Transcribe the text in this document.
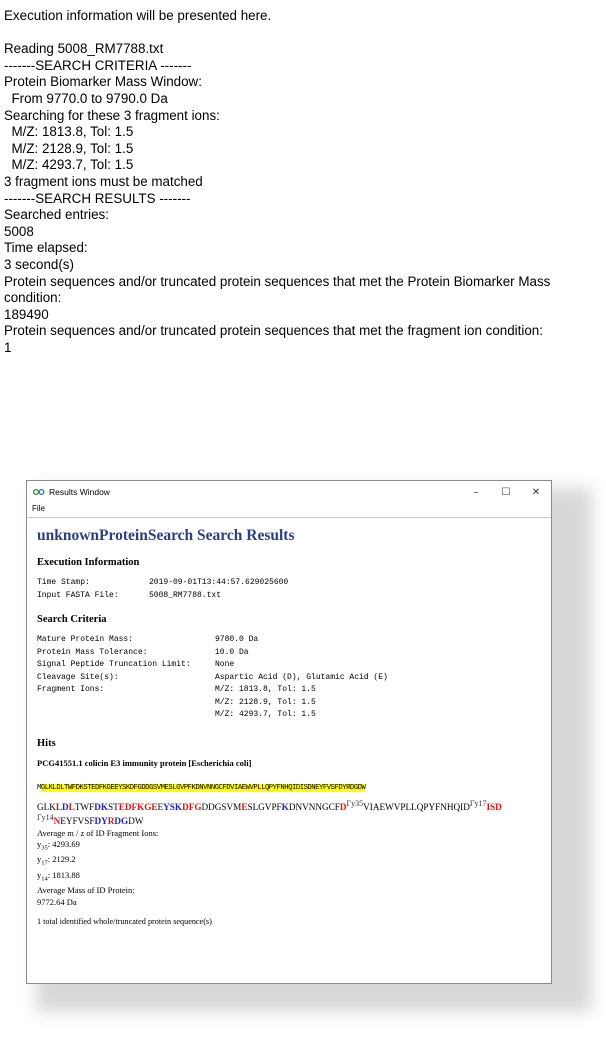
Execution information will be presented here.
Reading 5008_RM7788.txt
-------SEARCH CRITERIA -------
Protein Biomarker Mass Window:
From 9770.0 to 9790.0 Da
Searching for these 3 fragment ions:
M/Z: 1813.8, Tol: 1.5
M/Z: 2128.9, Tol: 1.5
M/Z: 4293.7, Tol: 1.5
3 fragment ions must be matched
-------SEARCH RESULTS -------
Searched entries:
5008
Time elapsed:
3 second(s)
Protein sequences and/or truncated protein sequences that met the Protein Biomarker Mass condition:
189490
Protein sequences and/or truncated protein sequences that met the fragment ion condition:
1
Results Window	–	☐	✕
File
unknownProteinSearch Search Results
Execution Information
Time Stamp:	2019-09-01T13:44:57.629025600
Input FASTA File:	5008_RM7788.txt
Search Criteria
Mature Protein Mass:	9780.0 Da
Protein Mass Tolerance:	10.0 Da
Signal Peptide Truncation Limit:	None
Cleavage Site(s):	Aspartic Acid (D), Glutamic Acid (E)
Fragment Ions:	M/Z: 1813.8, Tol: 1.5
	M/Z: 2128.9, Tol: 1.5
	M/Z: 4293.7, Tol: 1.5
Hits
PCG41551.1 colicin E3 immunity protein [Escherichia coli]
MGLKLDLTWFDKSTEDFKGEEYSKDFGDDGSVMESLGVPFKDNVNNGCFDVIAEWVPLLQPYFNHQIDISDNEYFVSFDYRDGDW
GLKLDLTWFDKSTEDFKGEEYSKDFGDDGSVMESLGVPFKDNVNNGCFDΓy35VIAEWVPLLQPYFNHQIDΓy17ISD
Γy14NEYFVSFDYRDGDW
Average m / z of ID Fragment Ions:
$y_{35}$: 4293.69
$y_{17}$: 2129.2
$y_{14}$: 1813.88
Average Mass of ID Protein:
9772.64 Da
1 total identified whole/truncated protein sequence(s)
